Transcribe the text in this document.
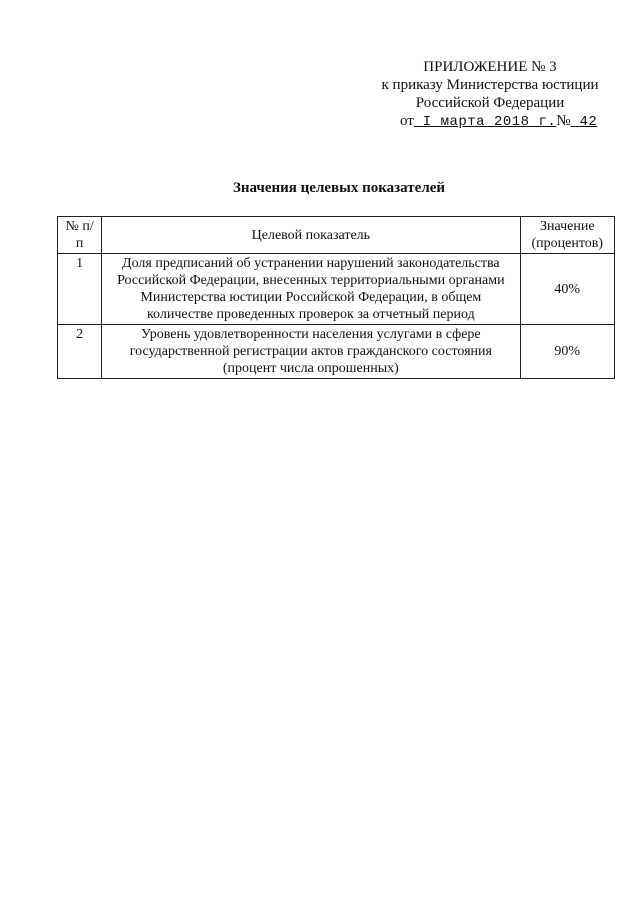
ПРИЛОЖЕНИЕ № 3
к приказу Министерства юстиции
Российской Федерации
от I марта 2018 г.№ 42
Значения целевых показателей
№ п/п	Целевой показатель	Значение (процентов)
1	Доля предписаний об устранении нарушений законодательства Российской Федерации, внесенных территориальными органами Министерства юстиции Российской Федерации, в общем количестве проведенных проверок за отчетный период	40%
2	Уровень удовлетворенности населения услугами в сфере государственной регистрации актов гражданского состояния (процент числа опрошенных)	90%
